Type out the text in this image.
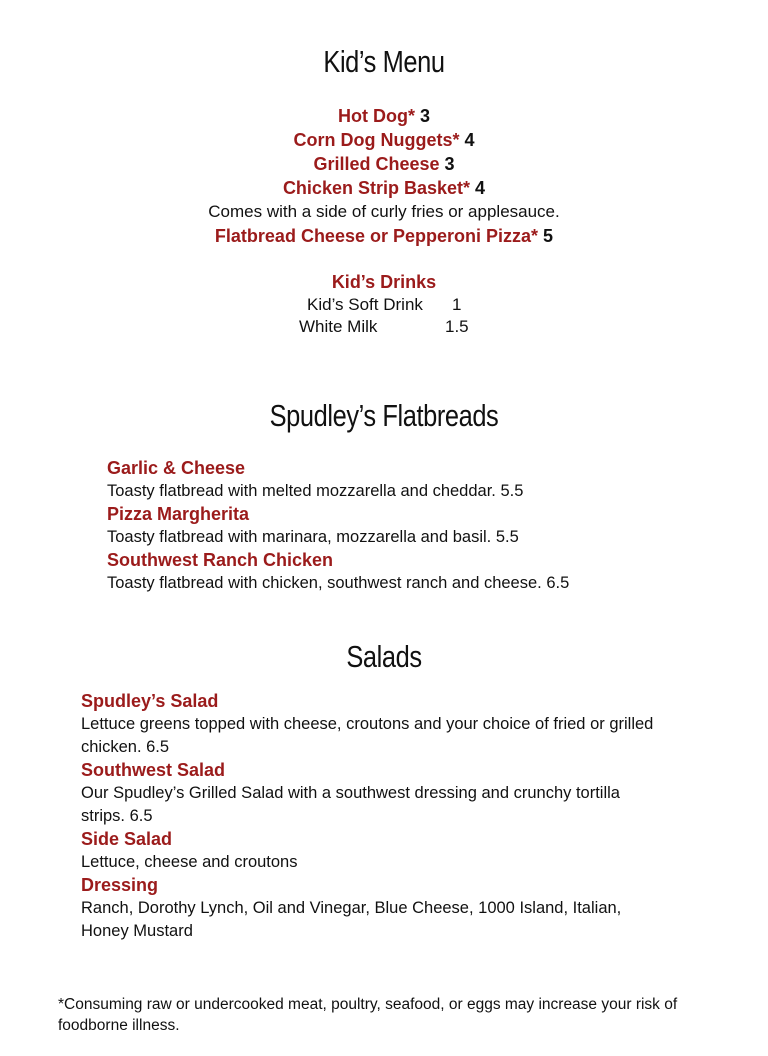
Kid’s Menu
Hot Dog* 3
Corn Dog Nuggets* 4
Grilled Cheese 3
Chicken Strip Basket* 4
Comes with a side of curly fries or applesauce.
Flatbread Cheese or Pepperoni Pizza* 5
Kid’s Drinks
Kid’s Soft Drink 1
White Milk	1.5
Spudley’s Flatbreads
Garlic & Cheese
Toasty flatbread with melted mozzarella and cheddar. 5.5
Pizza Margherita
Toasty flatbread with marinara, mozzarella and basil. 5.5
Southwest Ranch Chicken
Toasty flatbread with chicken, southwest ranch and cheese. 6.5
Salads
Spudley’s Salad
Lettuce greens topped with cheese, croutons and your choice of fried or grilled chicken. 6.5
Southwest Salad
Our Spudley’s Grilled Salad with a southwest dressing and crunchy tortilla strips. 6.5
Side Salad
Lettuce, cheese and croutons
Dressing
Ranch, Dorothy Lynch, Oil and Vinegar, Blue Cheese, 1000 Island, Italian, Honey Mustard
*Consuming raw or undercooked meat, poultry, seafood, or eggs may increase your risk of foodborne illness.
